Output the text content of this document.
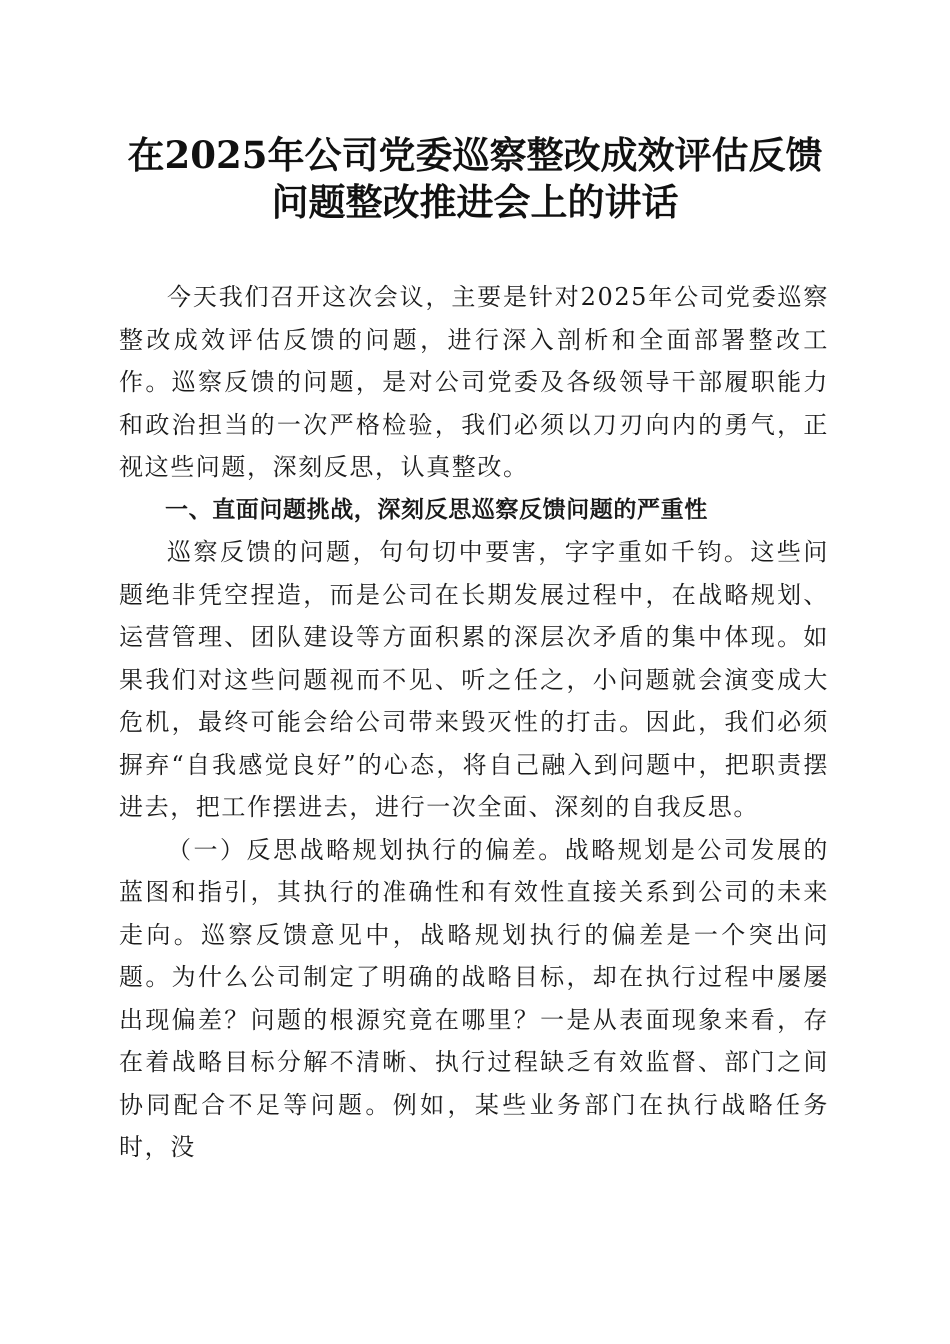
在2025年公司党委巡察整改成效评估反馈问题整改推进会上的讲话

今天我们召开这次会议，主要是针对2025年公司党委巡察整改成效评估反馈的问题，进行深入剖析和全面部署整改工作。巡察反馈的问题，是对公司党委及各级领导干部履职能力和政治担当的一次严格检验，我们必须以刀刃向内的勇气，正视这些问题，深刻反思，认真整改。

一、直面问题挑战，深刻反思巡察反馈问题的严重性

巡察反馈的问题，句句切中要害，字字重如千钧。这些问题绝非凭空捏造，而是公司在长期发展过程中，在战略规划、运营管理、团队建设等方面积累的深层次矛盾的集中体现。如果我们对这些问题视而不见、听之任之，小问题就会演变成大危机，最终可能会给公司带来毁灭性的打击。因此，我们必须摒弃“自我感觉良好”的心态，将自己融入到问题中，把职责摆进去，把工作摆进去，进行一次全面、深刻的自我反思。

（一）反思战略规划执行的偏差。战略规划是公司发展的蓝图和指引，其执行的准确性和有效性直接关系到公司的未来走向。巡察反馈意见中，战略规划执行的偏差是一个突出问题。为什么公司制定了明确的战略目标，却在执行过程中屡屡出现偏差？问题的根源究竟在哪里？一是从表面现象来看，存在着战略目标分解不清晰、执行过程缺乏有效监督、部门之间协同配合不足等问题。例如，某些业务部门在执行战略任务时，没
